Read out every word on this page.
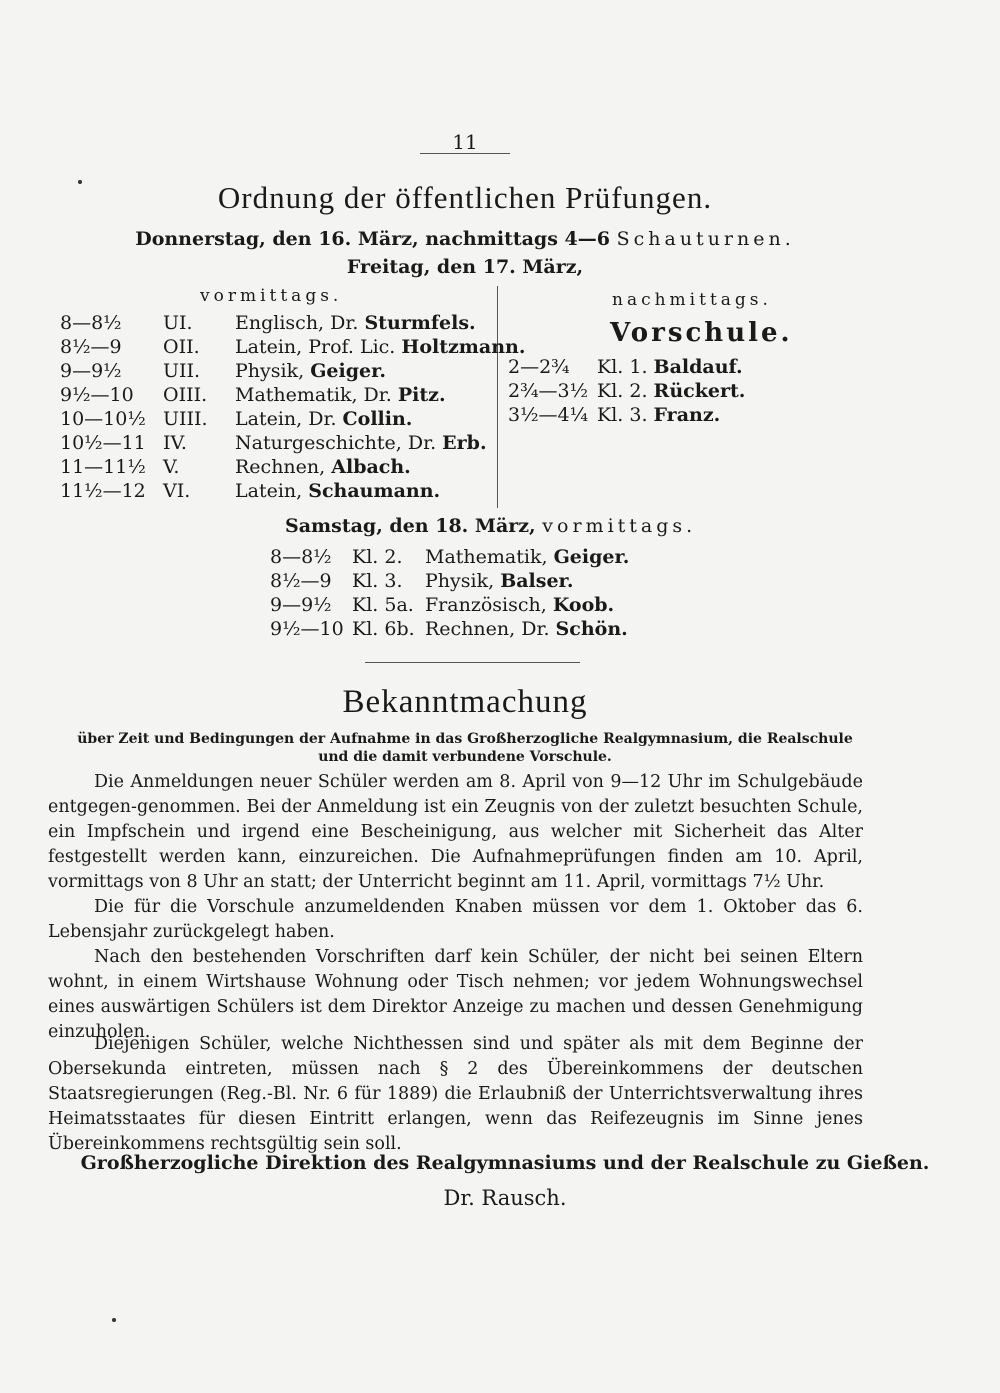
11
Ordnung der öffentlichen Prüfungen.
Donnerstag, den 16. März, nachmittags 4—6 Schauturnen.
Freitag, den 17. März,
vormittags.	nachmittags.
8—8½ UI. Englisch, Dr. Sturmfels.
8½—9 OII. Latein, Prof. Lic. Holtzmann.
9—9½ UII. Physik, Geiger.
9½—10 OIII. Mathematik, Dr. Pitz.
10—10½ UIII. Latein, Dr. Collin.
10½—11 IV.	Naturgeschichte, Dr. Erb.
11—11½ V.	Rechnen, Albach.
11½—12 VI. Latein, Schaumann.
Vorschule.
2—2¾ Kl. 1. Baldauf.
2¾—3½ Kl. 2. Rückert.
3½—4¼ Kl. 3. Franz.
Samstag, den 18. März, vormittags.
8—8½ Kl. 2. Mathematik, Geiger.
8½—9 Kl. 3. Physik, Balser.
9—9½ Kl. 5a. Französisch, Koob.
9½—10 Kl. 6b. Rechnen, Dr. Schön.
Bekanntmachung
über Zeit und Bedingungen der Aufnahme in das Großherzogliche Realgymnasium, die Realschule und die damit verbundene Vorschule.
Die Anmeldungen neuer Schüler werden am 8. April von 9—12 Uhr im Schulgebäude entgegen-genommen. Bei der Anmeldung ist ein Zeugnis von der zuletzt besuchten Schule, ein Impfschein und irgend eine Bescheinigung, aus welcher mit Sicherheit das Alter festgestellt werden kann, einzureichen. Die Aufnahmeprüfungen finden am 10. April, vormittags von 8 Uhr an statt; der Unterricht beginnt am 11. April, vormittags 7½ Uhr.
Die für die Vorschule anzumeldenden Knaben müssen vor dem 1. Oktober das 6. Lebensjahr zurückgelegt haben.
Nach den bestehenden Vorschriften darf kein Schüler, der nicht bei seinen Eltern wohnt, in einem Wirtshause Wohnung oder Tisch nehmen; vor jedem Wohnungswechsel eines auswärtigen Schülers ist dem Direktor Anzeige zu machen und dessen Genehmigung einzuholen.
Diejenigen Schüler, welche Nichthessen sind und später als mit dem Beginne der Obersekunda eintreten, müssen nach § 2 des Übereinkommens der deutschen Staatsregierungen (Reg.-Bl. Nr. 6 für 1889) die Erlaubniß der Unterrichtsverwaltung ihres Heimatsstaates für diesen Eintritt erlangen, wenn das Reifezeugnis im Sinne jenes Übereinkommens rechtsgültig sein soll.
Großherzogliche Direktion des Realgymnasiums und der Realschule zu Gießen.
Dr. Rausch.
